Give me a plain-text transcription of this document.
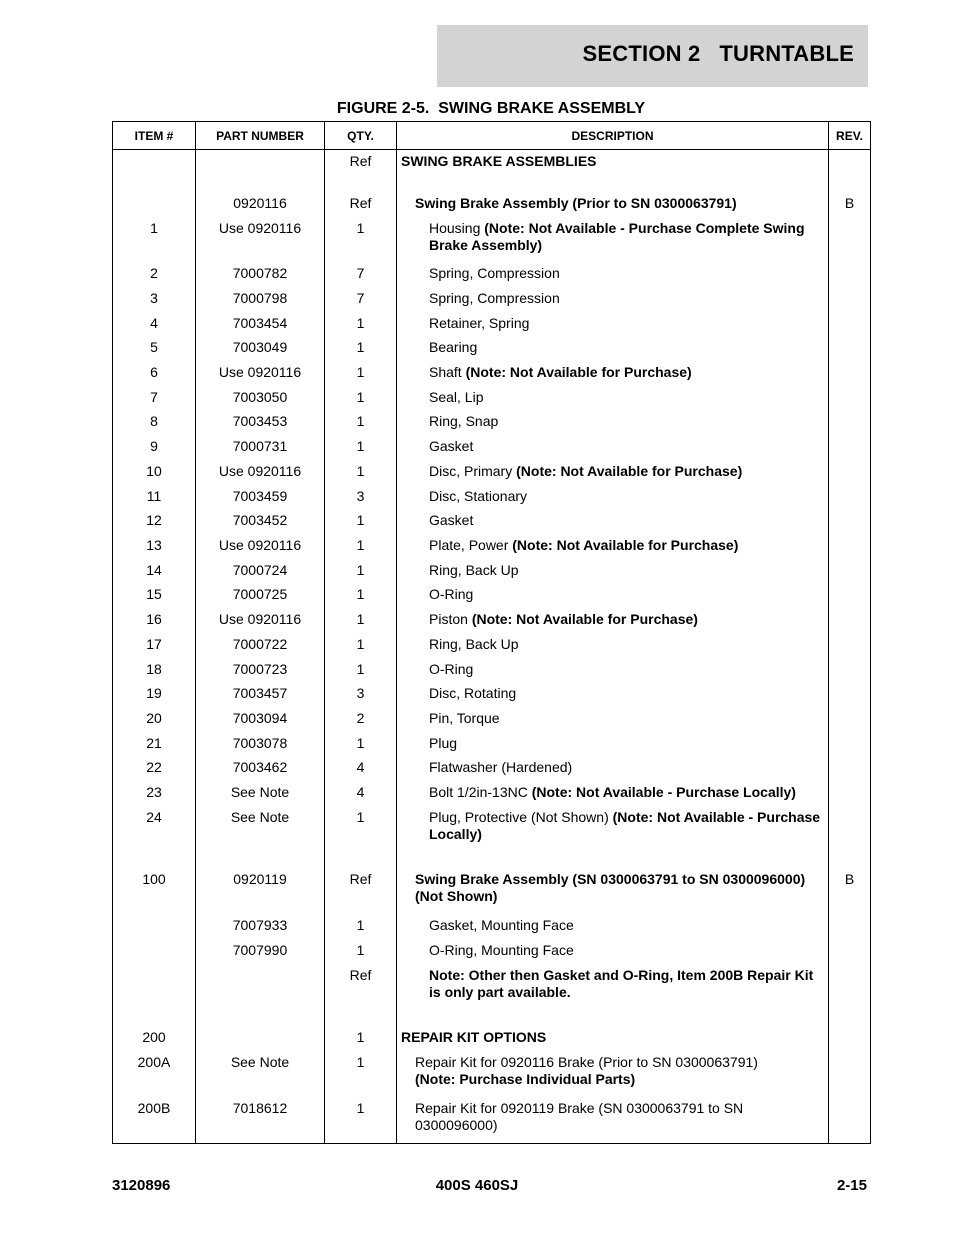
SECTION 2   TURNTABLE
FIGURE 2-5.  SWING BRAKE ASSEMBLY
ITEM #	PART NUMBER	QTY.	DESCRIPTION	REV.
		Ref	SWING BRAKE ASSEMBLIES	

	0920116	Ref	Swing Brake Assembly (Prior to SN 0300063791)	B
1	Use 0920116	1	Housing (Note: Not Available - Purchase Complete Swing Brake Assembly)	
2	7000782	7	Spring, Compression	
3	7000798	7	Spring, Compression	
4	7003454	1	Retainer, Spring	
5	7003049	1	Bearing	
6	Use 0920116	1	Shaft (Note: Not Available for Purchase)	
7	7003050	1	Seal, Lip	
8	7003453	1	Ring, Snap	
9	7000731	1	Gasket	
10	Use 0920116	1	Disc, Primary (Note: Not Available for Purchase)	
11	7003459	3	Disc, Stationary	
12	7003452	1	Gasket	
13	Use 0920116	1	Plate, Power (Note: Not Available for Purchase)	
14	7000724	1	Ring, Back Up	
15	7000725	1	O-Ring	
16	Use 0920116	1	Piston (Note: Not Available for Purchase)	
17	7000722	1	Ring, Back Up	
18	7000723	1	O-Ring	
19	7003457	3	Disc, Rotating	
20	7003094	2	Pin, Torque	
21	7003078	1	Plug	
22	7003462	4	Flatwasher (Hardened)	
23	See Note	4	Bolt 1/2in-13NC (Note: Not Available - Purchase Locally)	
24	See Note	1	Plug, Protective (Not Shown) (Note: Not Available - Purchase Locally)	

100	0920119	Ref	Swing Brake Assembly (SN 0300063791 to SN 0300096000) (Not Shown)	B
	7007933	1	Gasket, Mounting Face	
	7007990	1	O-Ring, Mounting Face	
		Ref	Note: Other then Gasket and O-Ring, Item 200B Repair Kit is only part available.	

200		1	REPAIR KIT OPTIONS	
200A	See Note	1	Repair Kit for 0920116 Brake (Prior to SN 0300063791)
(Note: Purchase Individual Parts)	
200B	7018612	1	Repair Kit for 0920119 Brake (SN 0300063791 to SN 0300096000)	

3120896	400S 460SJ	2-15
